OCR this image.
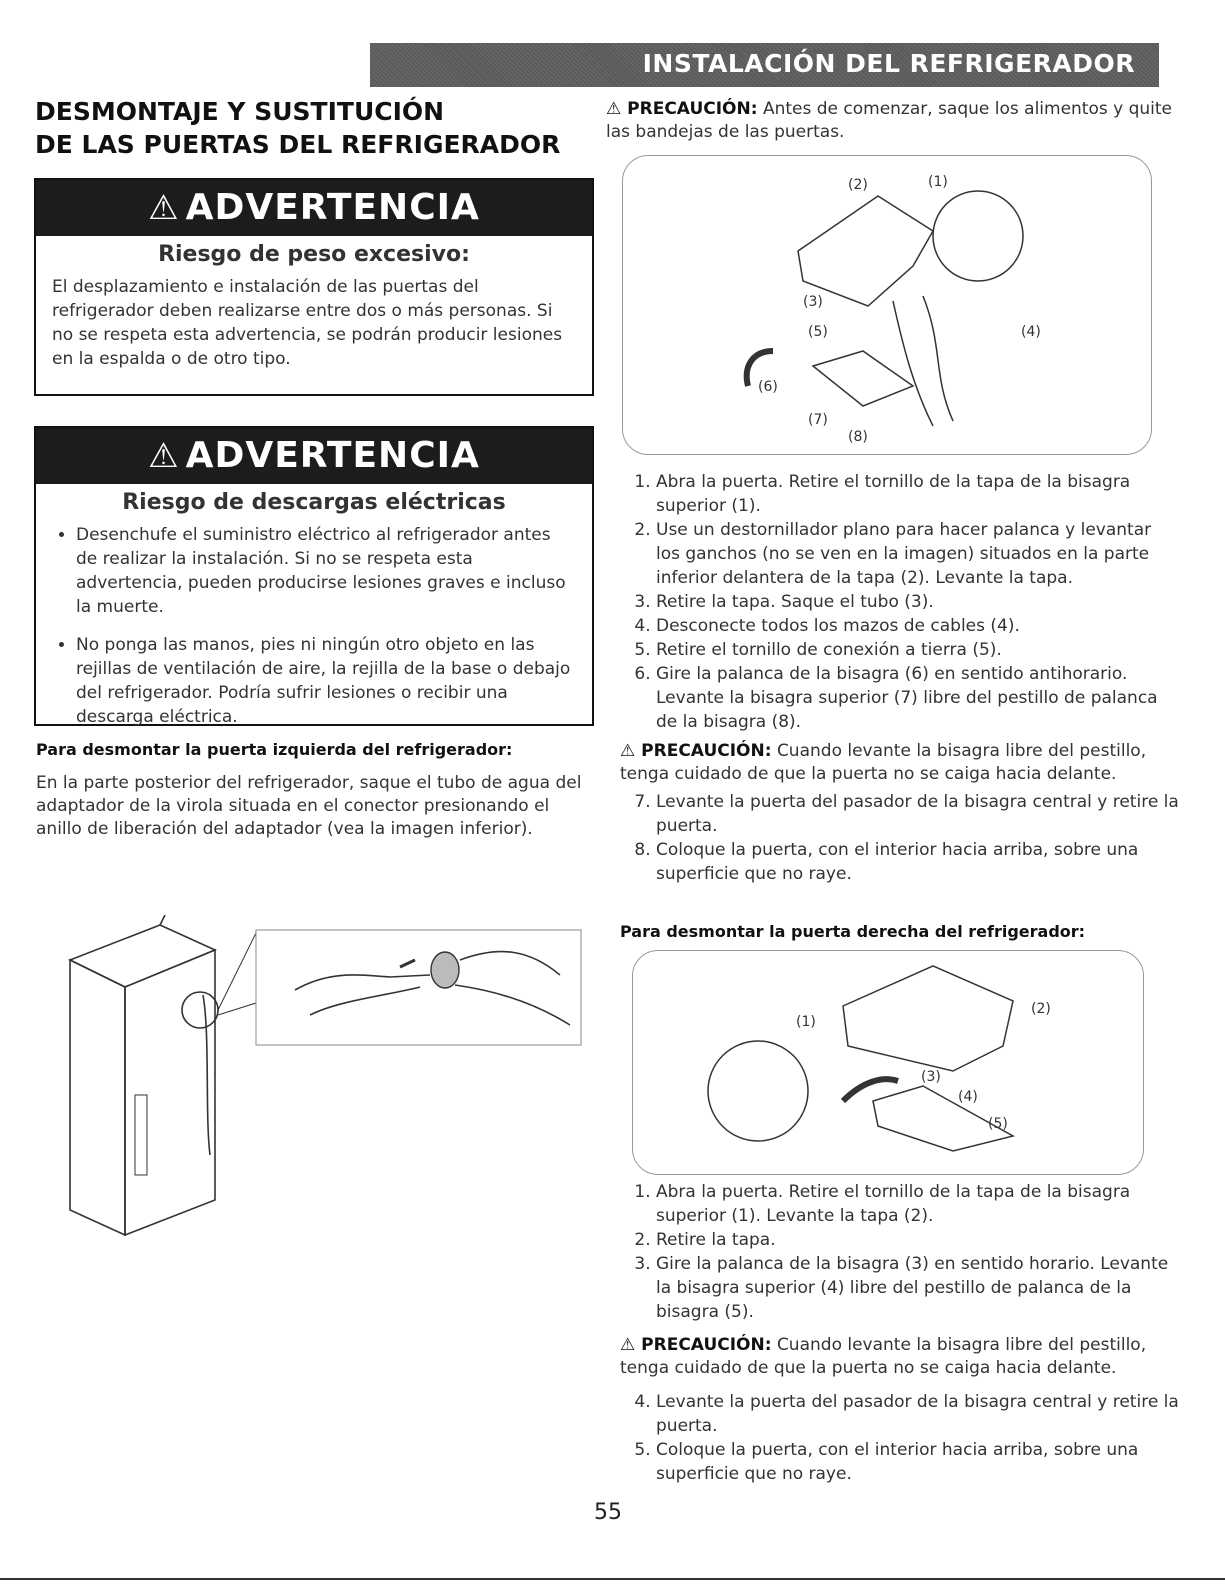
INSTALACIÓN DEL REFRIGERADOR
DESMONTAJE Y SUSTITUCIÓN
DE LAS PUERTAS DEL REFRIGERADOR
⚠ ADVERTENCIA
Riesgo de peso excesivo:

El desplazamiento e instalación de las puertas del refrigerador deben realizarse entre dos o más personas. Si no se respeta esta advertencia, se podrán producir lesiones en la espalda o de otro tipo.

⚠ ADVERTENCIA
Riesgo de descargas eléctricas
• Desenchufe el suministro eléctrico al refrigerador antes de realizar la instalación. Si no se respeta esta advertencia, pueden producirse lesiones graves e incluso la muerte.
• No ponga las manos, pies ni ningún otro objeto en las rejillas de ventilación de aire, la rejilla de la base o debajo del refrigerador. Podría sufrir lesiones o recibir una descarga eléctrica.
Para desmontar la puerta izquierda del refrigerador:
En la parte posterior del refrigerador, saque el tubo de agua del adaptador de la virola situada en el conector presionando el anillo de liberación del adaptador (vea la imagen inferior).
⚠ PRECAUCIÓN: Antes de comenzar, saque los alimentos y quite las bandejas de las puertas.
(2)	(1)
(3)
(4)
(5)
(6)
(7)
(8)
1. Abra la puerta. Retire el tornillo de la tapa de la bisagra superior (1).
2. Use un destornillador plano para hacer palanca y levantar los ganchos (no se ven en la imagen) situados en la parte inferior delantera de la tapa (2). Levante la tapa.
3. Retire la tapa. Saque el tubo (3).
4. Desconecte todos los mazos de cables (4).
5. Retire el tornillo de conexión a tierra (5).
6. Gire la palanca de la bisagra (6) en sentido antihorario. Levante la bisagra superior (7) libre del pestillo de palanca de la bisagra (8).
⚠ PRECAUCIÓN: Cuando levante la bisagra libre del pestillo, tenga cuidado de que la puerta no se caiga hacia delante.
7. Levante la puerta del pasador de la bisagra central y retire la puerta.
8. Coloque la puerta, con el interior hacia arriba, sobre una superficie que no raye.
Para desmontar la puerta derecha del refrigerador:
(1)
(2)
(3)
(4)
(5)
1. Abra la puerta. Retire el tornillo de la tapa de la bisagra superior (1). Levante la tapa (2).
2. Retire la tapa.
3. Gire la palanca de la bisagra (3) en sentido horario. Levante la bisagra superior (4) libre del pestillo de palanca de la bisagra (5).
⚠ PRECAUCIÓN: Cuando levante la bisagra libre del pestillo, tenga cuidado de que la puerta no se caiga hacia delante.
4. Levante la puerta del pasador de la bisagra central y retire la puerta.
5. Coloque la puerta, con el interior hacia arriba, sobre una superficie que no raye.
55
